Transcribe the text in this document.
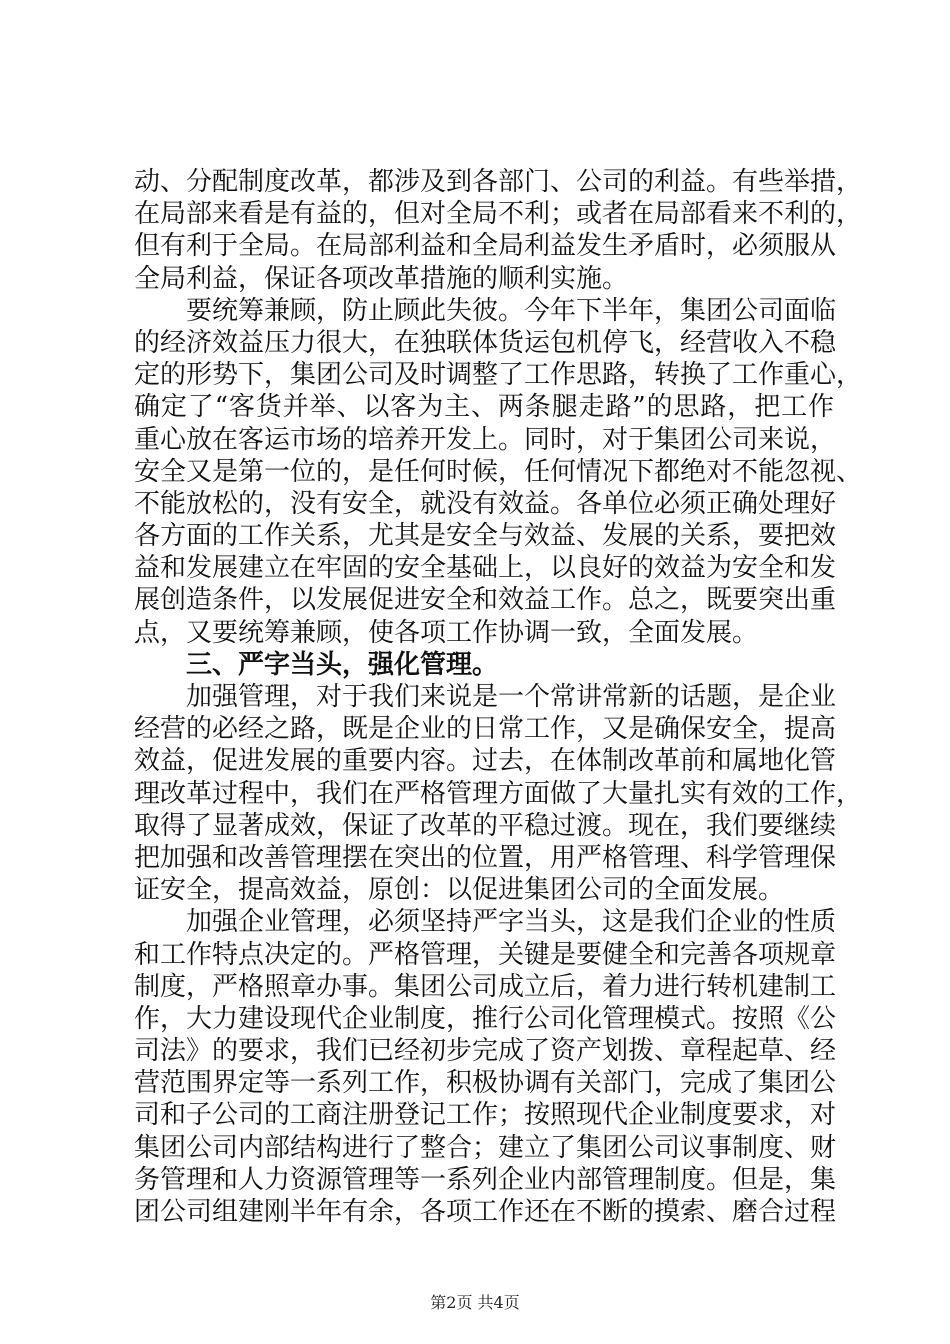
动、分配制度改革，都涉及到各部门、公司的利益。有些举措，
在局部来看是有益的，但对全局不利；或者在局部看来不利的，
但有利于全局。在局部利益和全局利益发生矛盾时，必须服从
全局利益，保证各项改革措施的顺利实施。
要统筹兼顾，防止顾此失彼。今年下半年，集团公司面临
的经济效益压力很大，在独联体货运包机停飞，经营收入不稳
定的形势下，集团公司及时调整了工作思路，转换了工作重心，
确定了“客货并举、以客为主、两条腿走路”的思路，把工作
重心放在客运市场的培养开发上。同时，对于集团公司来说，
安全又是第一位的，是任何时候，任何情况下都绝对不能忽视、
不能放松的，没有安全，就没有效益。各单位必须正确处理好
各方面的工作关系，尤其是安全与效益、发展的关系，要把效
益和发展建立在牢固的安全基础上，以良好的效益为安全和发
展创造条件，以发展促进安全和效益工作。总之，既要突出重
点，又要统筹兼顾，使各项工作协调一致，全面发展。
三、严字当头，强化管理。
加强管理，对于我们来说是一个常讲常新的话题，是企业
经营的必经之路，既是企业的日常工作，又是确保安全，提高
效益，促进发展的重要内容。过去，在体制改革前和属地化管
理改革过程中，我们在严格管理方面做了大量扎实有效的工作，
取得了显著成效，保证了改革的平稳过渡。现在，我们要继续
把加强和改善管理摆在突出的位置，用严格管理、科学管理保
证安全，提高效益，原创：以促进集团公司的全面发展。
加强企业管理，必须坚持严字当头，这是我们企业的性质
和工作特点决定的。严格管理，关键是要健全和完善各项规章
制度，严格照章办事。集团公司成立后，着力进行转机建制工
作，大力建设现代企业制度，推行公司化管理模式。按照《公
司法》的要求，我们已经初步完成了资产划拨、章程起草、经
营范围界定等一系列工作，积极协调有关部门，完成了集团公
司和子公司的工商注册登记工作；按照现代企业制度要求，对
集团公司内部结构进行了整合；建立了集团公司议事制度、财
务管理和人力资源管理等一系列企业内部管理制度。但是，集
团公司组建刚半年有余，各项工作还在不断的摸索、磨合过程
第2页 共4页
